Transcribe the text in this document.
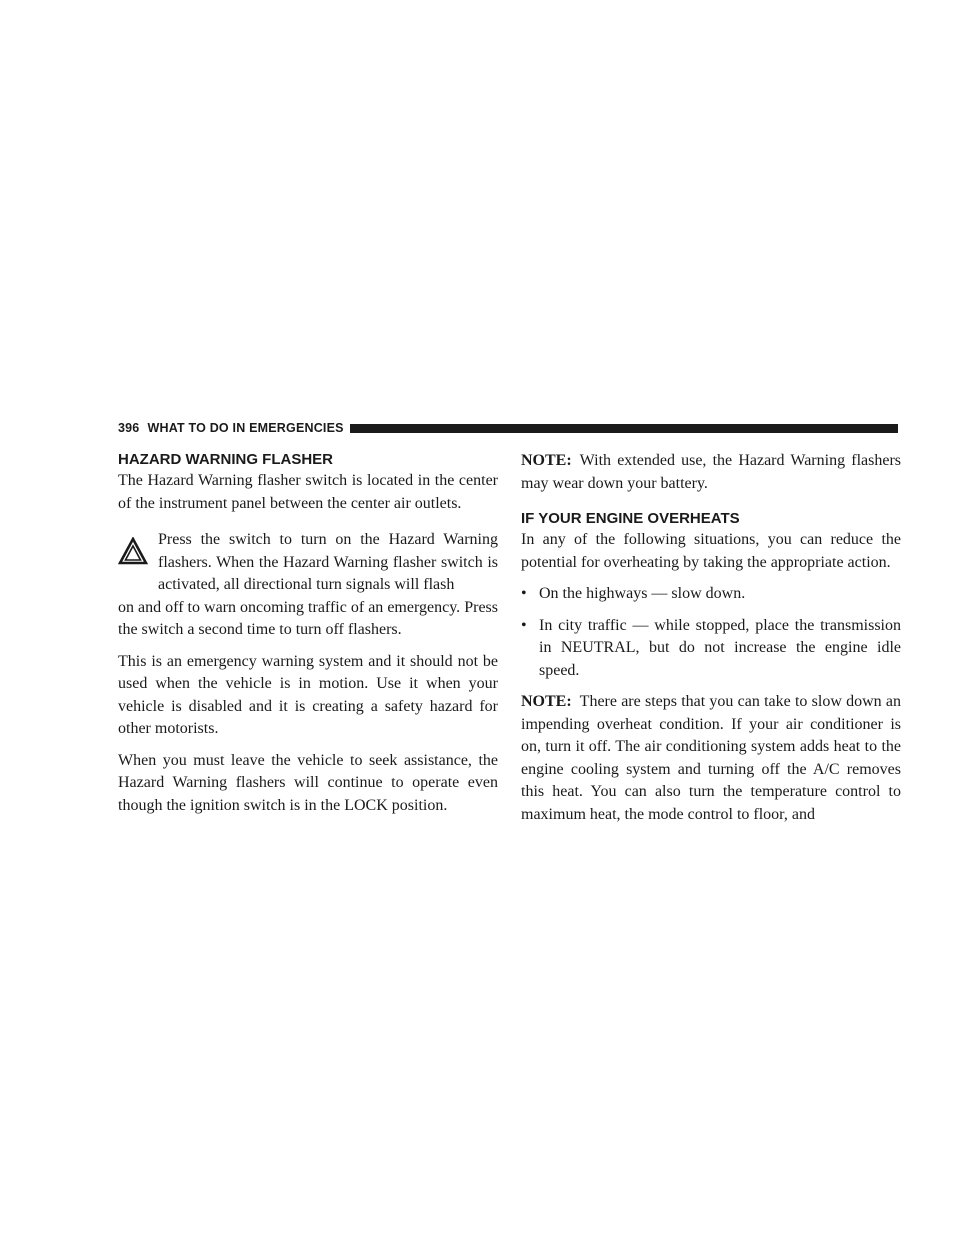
396 WHAT TO DO IN EMERGENCIES
HAZARD WARNING FLASHER

The Hazard Warning flasher switch is located in the center of the instrument panel between the center air outlets.

Press the switch to turn on the Hazard Warning flashers. When the Hazard Warning flasher switch is activated, all directional turn signals will flash

on and off to warn oncoming traffic of an emergency. Press the switch a second time to turn off flashers.

This is an emergency warning system and it should not be used when the vehicle is in motion. Use it when your vehicle is disabled and it is creating a safety hazard for other motorists.

When you must leave the vehicle to seek assistance, the Hazard Warning flashers will continue to operate even though the ignition switch is in the LOCK position.

NOTE: With extended use, the Hazard Warning flashers may wear down your battery.

IF YOUR ENGINE OVERHEATS

In any of the following situations, you can reduce the potential for overheating by taking the appropriate action.

• On the highways — slow down.
• In city traffic — while stopped, place the transmission in NEUTRAL, but do not increase the engine idle speed.

NOTE: There are steps that you can take to slow down an impending overheat condition. If your air conditioner is on, turn it off. The air conditioning system adds heat to the engine cooling system and turning off the A/C removes this heat. You can also turn the temperature control to maximum heat, the mode control to floor, and
